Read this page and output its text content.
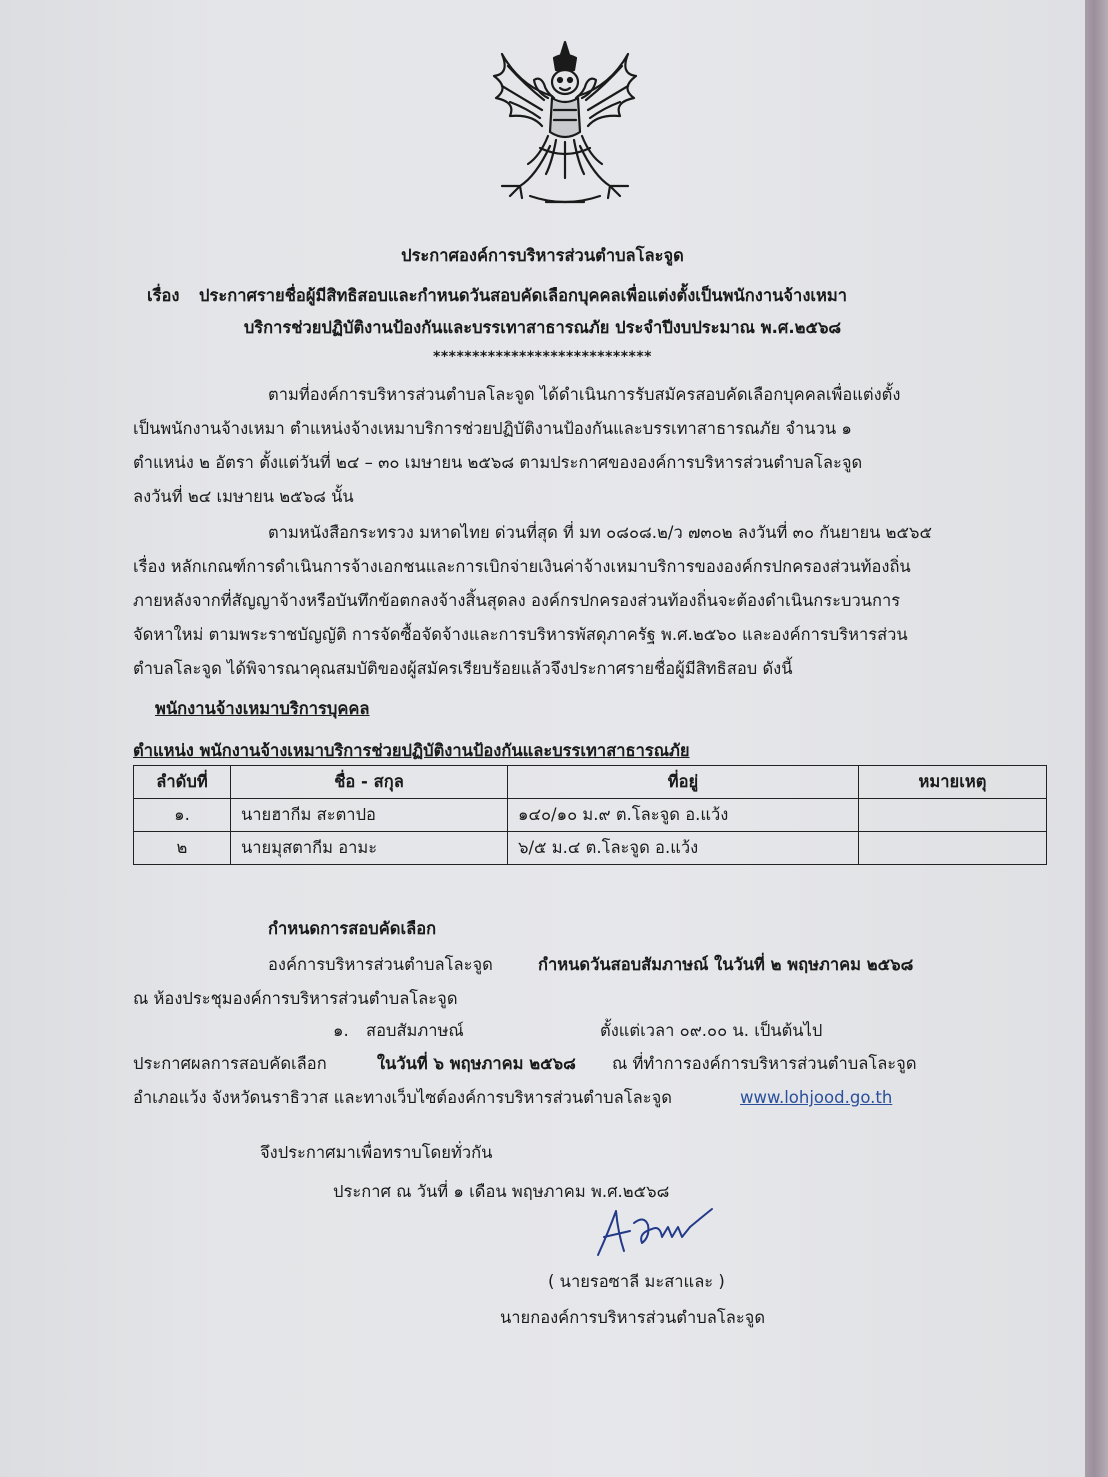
ประกาศองค์การบริหารส่วนตำบลโละจูด
เรื่อง ประกาศรายชื่อผู้มีสิทธิสอบและกำหนดวันสอบคัดเลือกบุคคลเพื่อแต่งตั้งเป็นพนักงานจ้างเหมา
บริการช่วยปฏิบัติงานป้องกันและบรรเทาสาธารณภัย ประจำปีงบประมาณ พ.ศ.๒๕๖๘
****************************
ตามที่องค์การบริหารส่วนตำบลโละจูด ได้ดำเนินการรับสมัครสอบคัดเลือกบุคคลเพื่อแต่งตั้ง
เป็นพนักงานจ้างเหมา ตำแหน่งจ้างเหมาบริการช่วยปฏิบัติงานป้องกันและบรรเทาสาธารณภัย จำนวน ๑
ตำแหน่ง ๒ อัตรา ตั้งแต่วันที่ ๒๔ – ๓๐ เมษายน ๒๕๖๘ ตามประกาศขององค์การบริหารส่วนตำบลโละจูด
ลงวันที่ ๒๔ เมษายน ๒๕๖๘ นั้น
ตามหนังสือกระทรวง มหาดไทย ด่วนที่สุด ที่ มท ๐๘๐๘.๒/ว ๗๓๐๒ ลงวันที่ ๓๐ กันยายน ๒๕๖๕
เรื่อง หลักเกณฑ์การดำเนินการจ้างเอกชนและการเบิกจ่ายเงินค่าจ้างเหมาบริการขององค์กรปกครองส่วนท้องถิ่น
ภายหลังจากที่สัญญาจ้างหรือบันทึกข้อตกลงจ้างสิ้นสุดลง องค์กรปกครองส่วนท้องถิ่นจะต้องดำเนินกระบวนการ
จัดหาใหม่ ตามพระราชบัญญัติ การจัดซื้อจัดจ้างและการบริหารพัสดุภาครัฐ พ.ศ.๒๕๖๐ และองค์การบริหารส่วน
ตำบลโละจูด ได้พิจารณาคุณสมบัติของผู้สมัครเรียบร้อยแล้วจึงประกาศรายชื่อผู้มีสิทธิสอบ ดังนี้
พนักงานจ้างเหมาบริการบุคคล
ตำแหน่ง พนักงานจ้างเหมาบริการช่วยปฏิบัติงานป้องกันและบรรเทาสาธารณภัย
ลำดับที่	ชื่อ - สกุล	ที่อยู่	หมายเหตุ
๑.	นายฮากีม สะตาปอ	๑๔๐/๑๐ ม.๙ ต.โละจูด อ.แว้ง	
๒	นายมุสตากีม อามะ	๖/๕ ม.๔ ต.โละจูด อ.แว้ง	
กำหนดการสอบคัดเลือก
องค์การบริหารส่วนตำบลโละจูด	กำหนดวันสอบสัมภาษณ์ ในวันที่ ๒ พฤษภาคม ๒๕๖๘
ณ ห้องประชุมองค์การบริหารส่วนตำบลโละจูด
๑. สอบสัมภาษณ์	ตั้งแต่เวลา ๐๙.๐๐ น. เป็นต้นไป
ประกาศผลการสอบคัดเลือก	ในวันที่ ๖ พฤษภาคม ๒๕๖๘ ณ ที่ทำการองค์การบริหารส่วนตำบลโละจูด
อำเภอแว้ง จังหวัดนราธิวาส และทางเว็บไซต์องค์การบริหารส่วนตำบลโละจูด	www.lohjood.go.th
จึงประกาศมาเพื่อทราบโดยทั่วกัน
ประกาศ ณ วันที่ ๑ เดือน พฤษภาคม พ.ศ.๒๕๖๘
( นายรอซาลี มะสาและ )
นายกองค์การบริหารส่วนตำบลโละจูด
